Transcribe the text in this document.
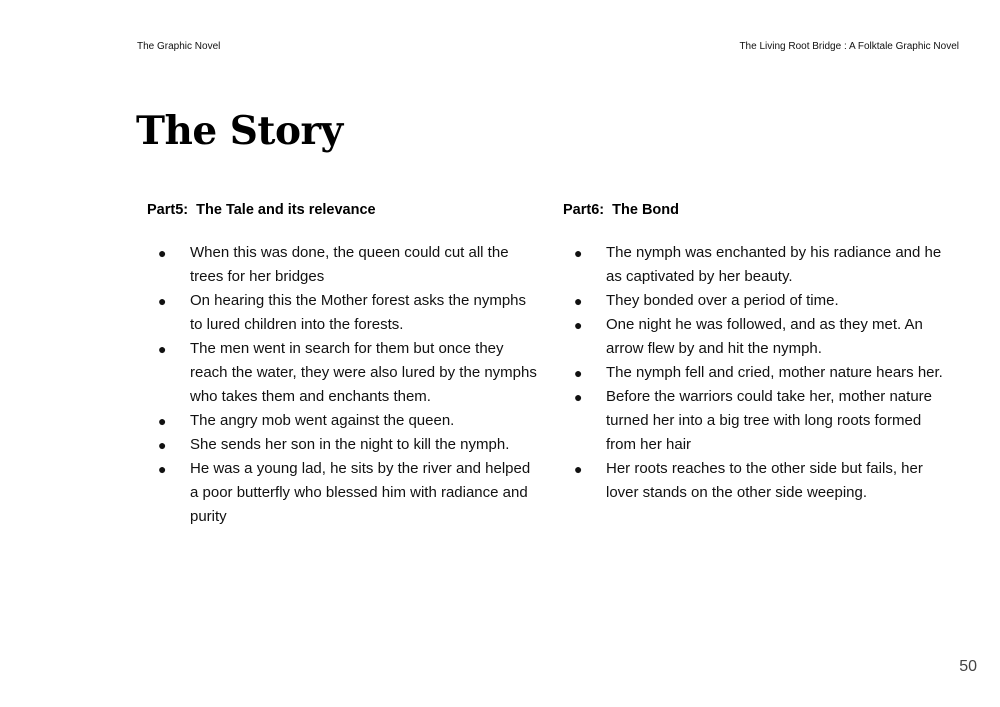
The Graphic Novel	The Living Root Bridge : A Folktale Graphic Novel
The Story
Part5:  The Tale and its relevance
● When this was done, the queen could cut all the trees for her bridges
● On hearing this the Mother forest asks the nymphs to lured children into the forests.
● The men went in search for them but once they reach the water, they were also lured by the nymphs who takes them and enchants them.
● The angry mob went against the queen.
● She sends her son in the night to kill the nymph.
● He was a young lad, he sits by the river and helped a poor butterfly who blessed him with radiance and purity
Part6:  The Bond
● The nymph was enchanted by his radiance and he as captivated by her beauty.
● They bonded over a period of time.
● One night he was followed, and as they met. An arrow flew by and hit the nymph.
● The nymph fell and cried, mother nature hears her.
● Before the warriors could take her, mother nature turned her into a big tree with long roots formed from her hair
● Her roots reaches to the other side but fails, her lover stands on the other side weeping.
50
